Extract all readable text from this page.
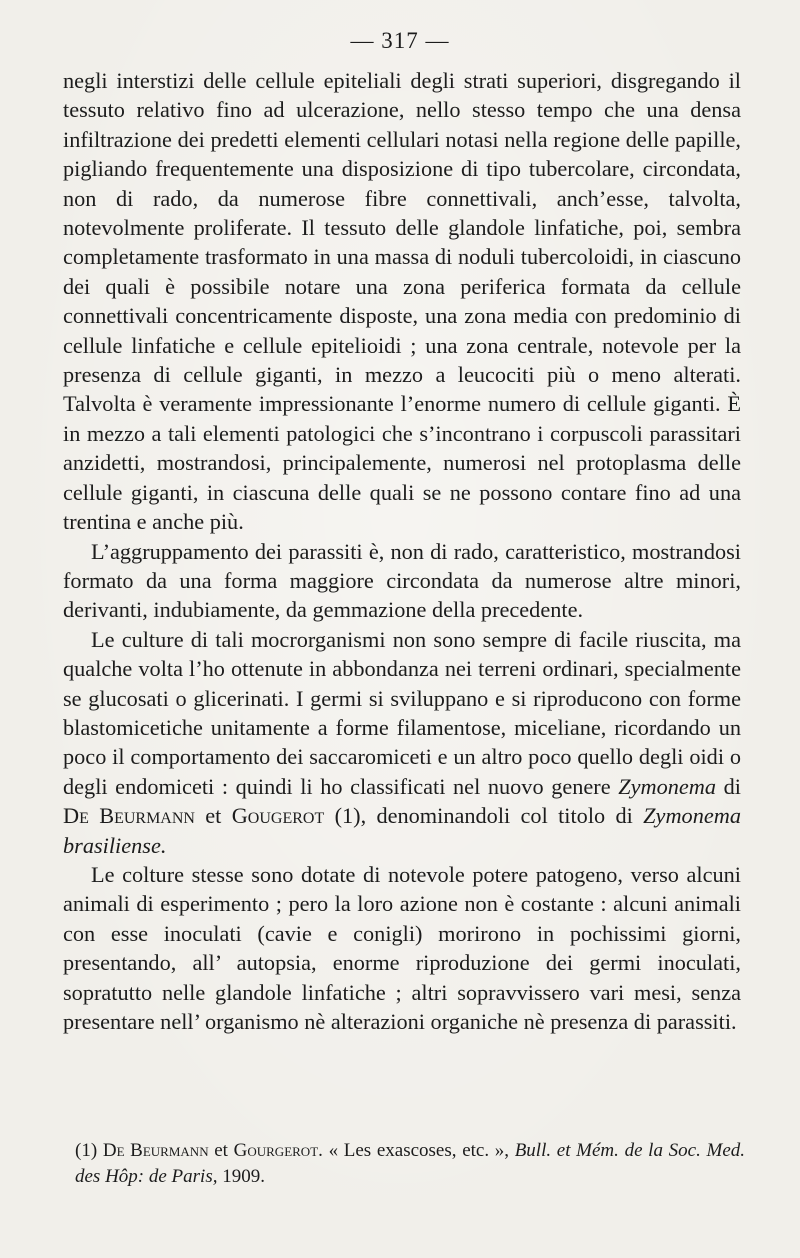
— 317 —

negli interstizi delle cellule epiteliali degli strati superiori, disgregando il tessuto relativo fino ad ulcerazione, nello stesso tempo che una densa infiltrazione dei predetti elementi cellulari notasi nella regione delle papille, pigliando frequentemente una disposizione di tipo tubercolare, circondata, non di rado, da numerose fibre connettivali, anch’esse, talvolta, notevolmente proliferate. Il tessuto delle glandole linfatiche, poi, sembra completamente trasformato in una massa di noduli tubercoloidi, in ciascuno dei quali è possibile notare una zona periferica formata da cellule connettivali concentricamente disposte, una zona media con predominio di cellule linfatiche e cellule epitelioidi ; una zona centrale, notevole per la presenza di cellule giganti, in mezzo a leucociti più o meno alterati. Talvolta è veramente impressionante l’enorme numero di cellule giganti. È in mezzo a tali elementi patologici che s’incontrano i corpuscoli parassitari anzidetti, mostrandosi, principalemente, numerosi nel protoplasma delle cellule giganti, in ciascuna delle quali se ne possono contare fino ad una trentina e anche più.

L’aggruppamento dei parassiti è, non di rado, caratteristico, mostrandosi formato da una forma maggiore circondata da numerose altre minori, derivanti, indubiamente, da gemmazione della precedente.

Le culture di tali mocrorganismi non sono sempre di facile riuscita, ma qualche volta l’ho ottenute in abbondanza nei terreni ordinari, specialmente se glucosati o glicerinati. I germi si sviluppano e si riproducono con forme blastomicetiche unitamente a forme filamentose, miceliane, ricordando un poco il comportamento dei saccaromiceti e un altro poco quello degli oidi o degli endomiceti : quindi li ho classificati nel nuovo genere Zymonema di De Beurmann et Gougerot (1), denominandoli col titolo di Zymonema brasiliense.

Le colture stesse sono dotate di notevole potere patogeno, verso alcuni animali di esperimento ; pero la loro azione non è costante : alcuni animali con esse inoculati (cavie e conigli) morirono in pochissimi giorni, presentando, all’ autopsia, enorme riproduzione dei germi inoculati, sopratutto nelle glandole linfatiche ; altri sopravvissero vari mesi, senza presentare nell’ organismo nè alterazioni organiche nè presenza di parassiti.

(1) De Beurmann et Gourgerot. « Les exascoses, etc. », Bull. et Mém. de la Soc. Med. des Hôp: de Paris, 1909.
